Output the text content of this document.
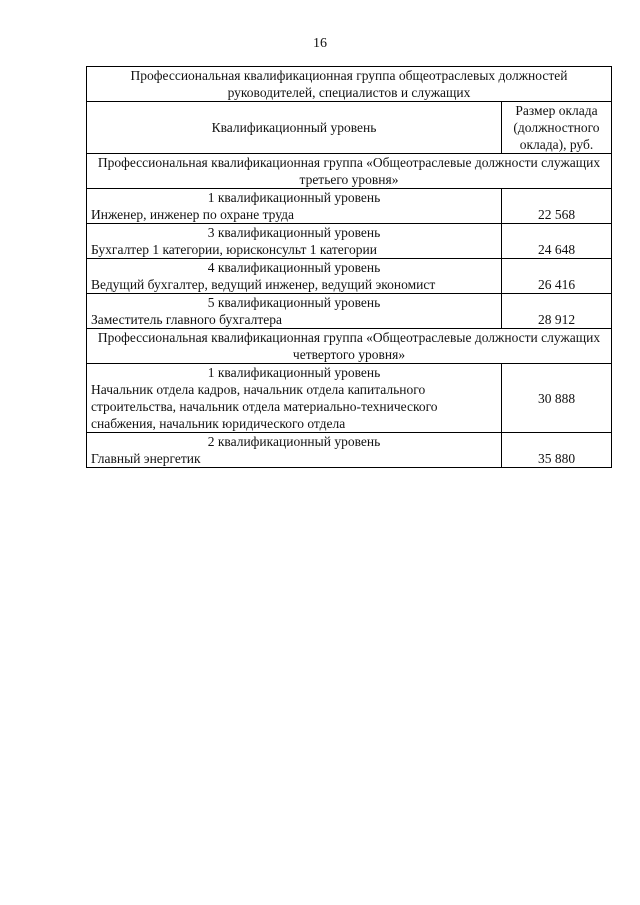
16
Профессиональная квалификационная группа общеотраслевых должностей руководителей, специалистов и служащих	
Квалификационный уровень	Размер оклада (должностного оклада), руб.
Профессиональная квалификационная группа «Общеотраслевые должности служащих третьего уровня»	

1 квалификационный уровень
Инженер, инженер по охране труда	22 568

3 квалификационный уровень
Бухгалтер 1 категории, юрисконсульт 1 категории	24 648

4 квалификационный уровень
Ведущий бухгалтер, ведущий инженер, ведущий экономист	26 416

5 квалификационный уровень
Заместитель главного бухгалтера	28 912
Профессиональная квалификационная группа «Общеотраслевые должности служащих четвертого уровня»	

1 квалификационный уровень
Начальник отдела кадров, начальник отдела капитального строительства, начальник отдела материально-технического снабжения, начальник юридического отдела	30 888

2 квалификационный уровень
Главный энергетик	35 880
